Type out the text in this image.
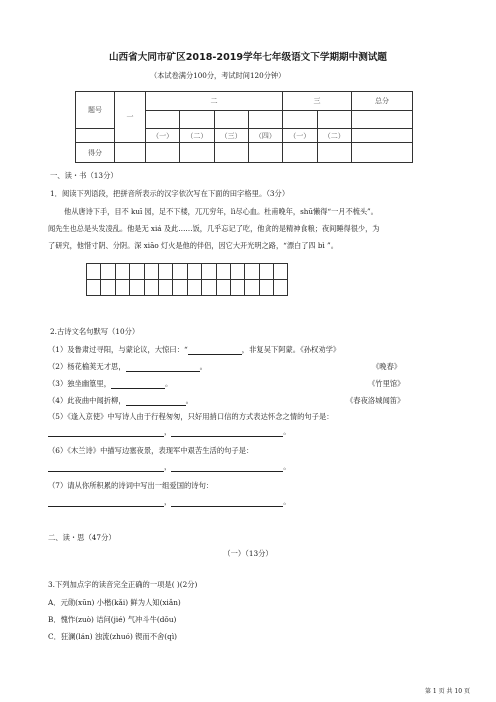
山西省大同市矿区2018-2019学年七年级语文下学期期中测试题
（本试卷满分100分，考试时间120分钟）
题号	一	二				三		总分

		（一）	（二）	（三）	（四）	（一）	（二）	
得分								
一、读・书（13分）
1．阅读下列语段，把拼音所表示的汉字依次写在下面的田字格里。（3分）
他从唐诗下手，目不 kuī 园，足不下楼，兀兀穷年，lì尽心血。杜甫晚年，shū懒得“一月不梳头”。
闻先生也总是头发凌乱。他是无 xiá 及此……饭，几乎忘记了吃，他贪的是精神食粮；夜间睡得很少，为
了研究，他惜寸阴、分阴。深 xiāo 灯火是他的伴侣，因它大开光明之路，“漂白了四 bì ”。

2.古诗文名句默写（10分）
（1）及鲁肃过寻阳，与蒙论议，大惊曰：“	，非复吴下阿蒙。《孙权劝学》
（2）杨花榆荚无才思，	。	《晚春》
（3）独坐幽篁里，	。	《竹里馆》
（4）此夜曲中闻折柳，	。	《春夜洛城闻笛》
（5）《逢入京使》中写诗人由于行程匆匆，只好用捎口信的方式表达怀念之情的句子是：
，	。
（6）《木兰诗》中描写边塞夜景，表现军中艰苦生活的句子是：
，	。
（7）请从你所积累的诗词中写出一组爱国的诗句：
，	。
二、读・思（47分）
（一）（13分）
3.下列加点字的读音完全正确的一项是( )(2分)
A．元勋(xūn) 小楷(kǎi) 鲜为人知(xiǎn)
B．愧怍(zuò) 诘问(jié) 气冲斗牛(dǒu)
C．狂澜(lán) 浊流(zhuó) 锲而不舍(qì)
第 1 页 共 10 页
